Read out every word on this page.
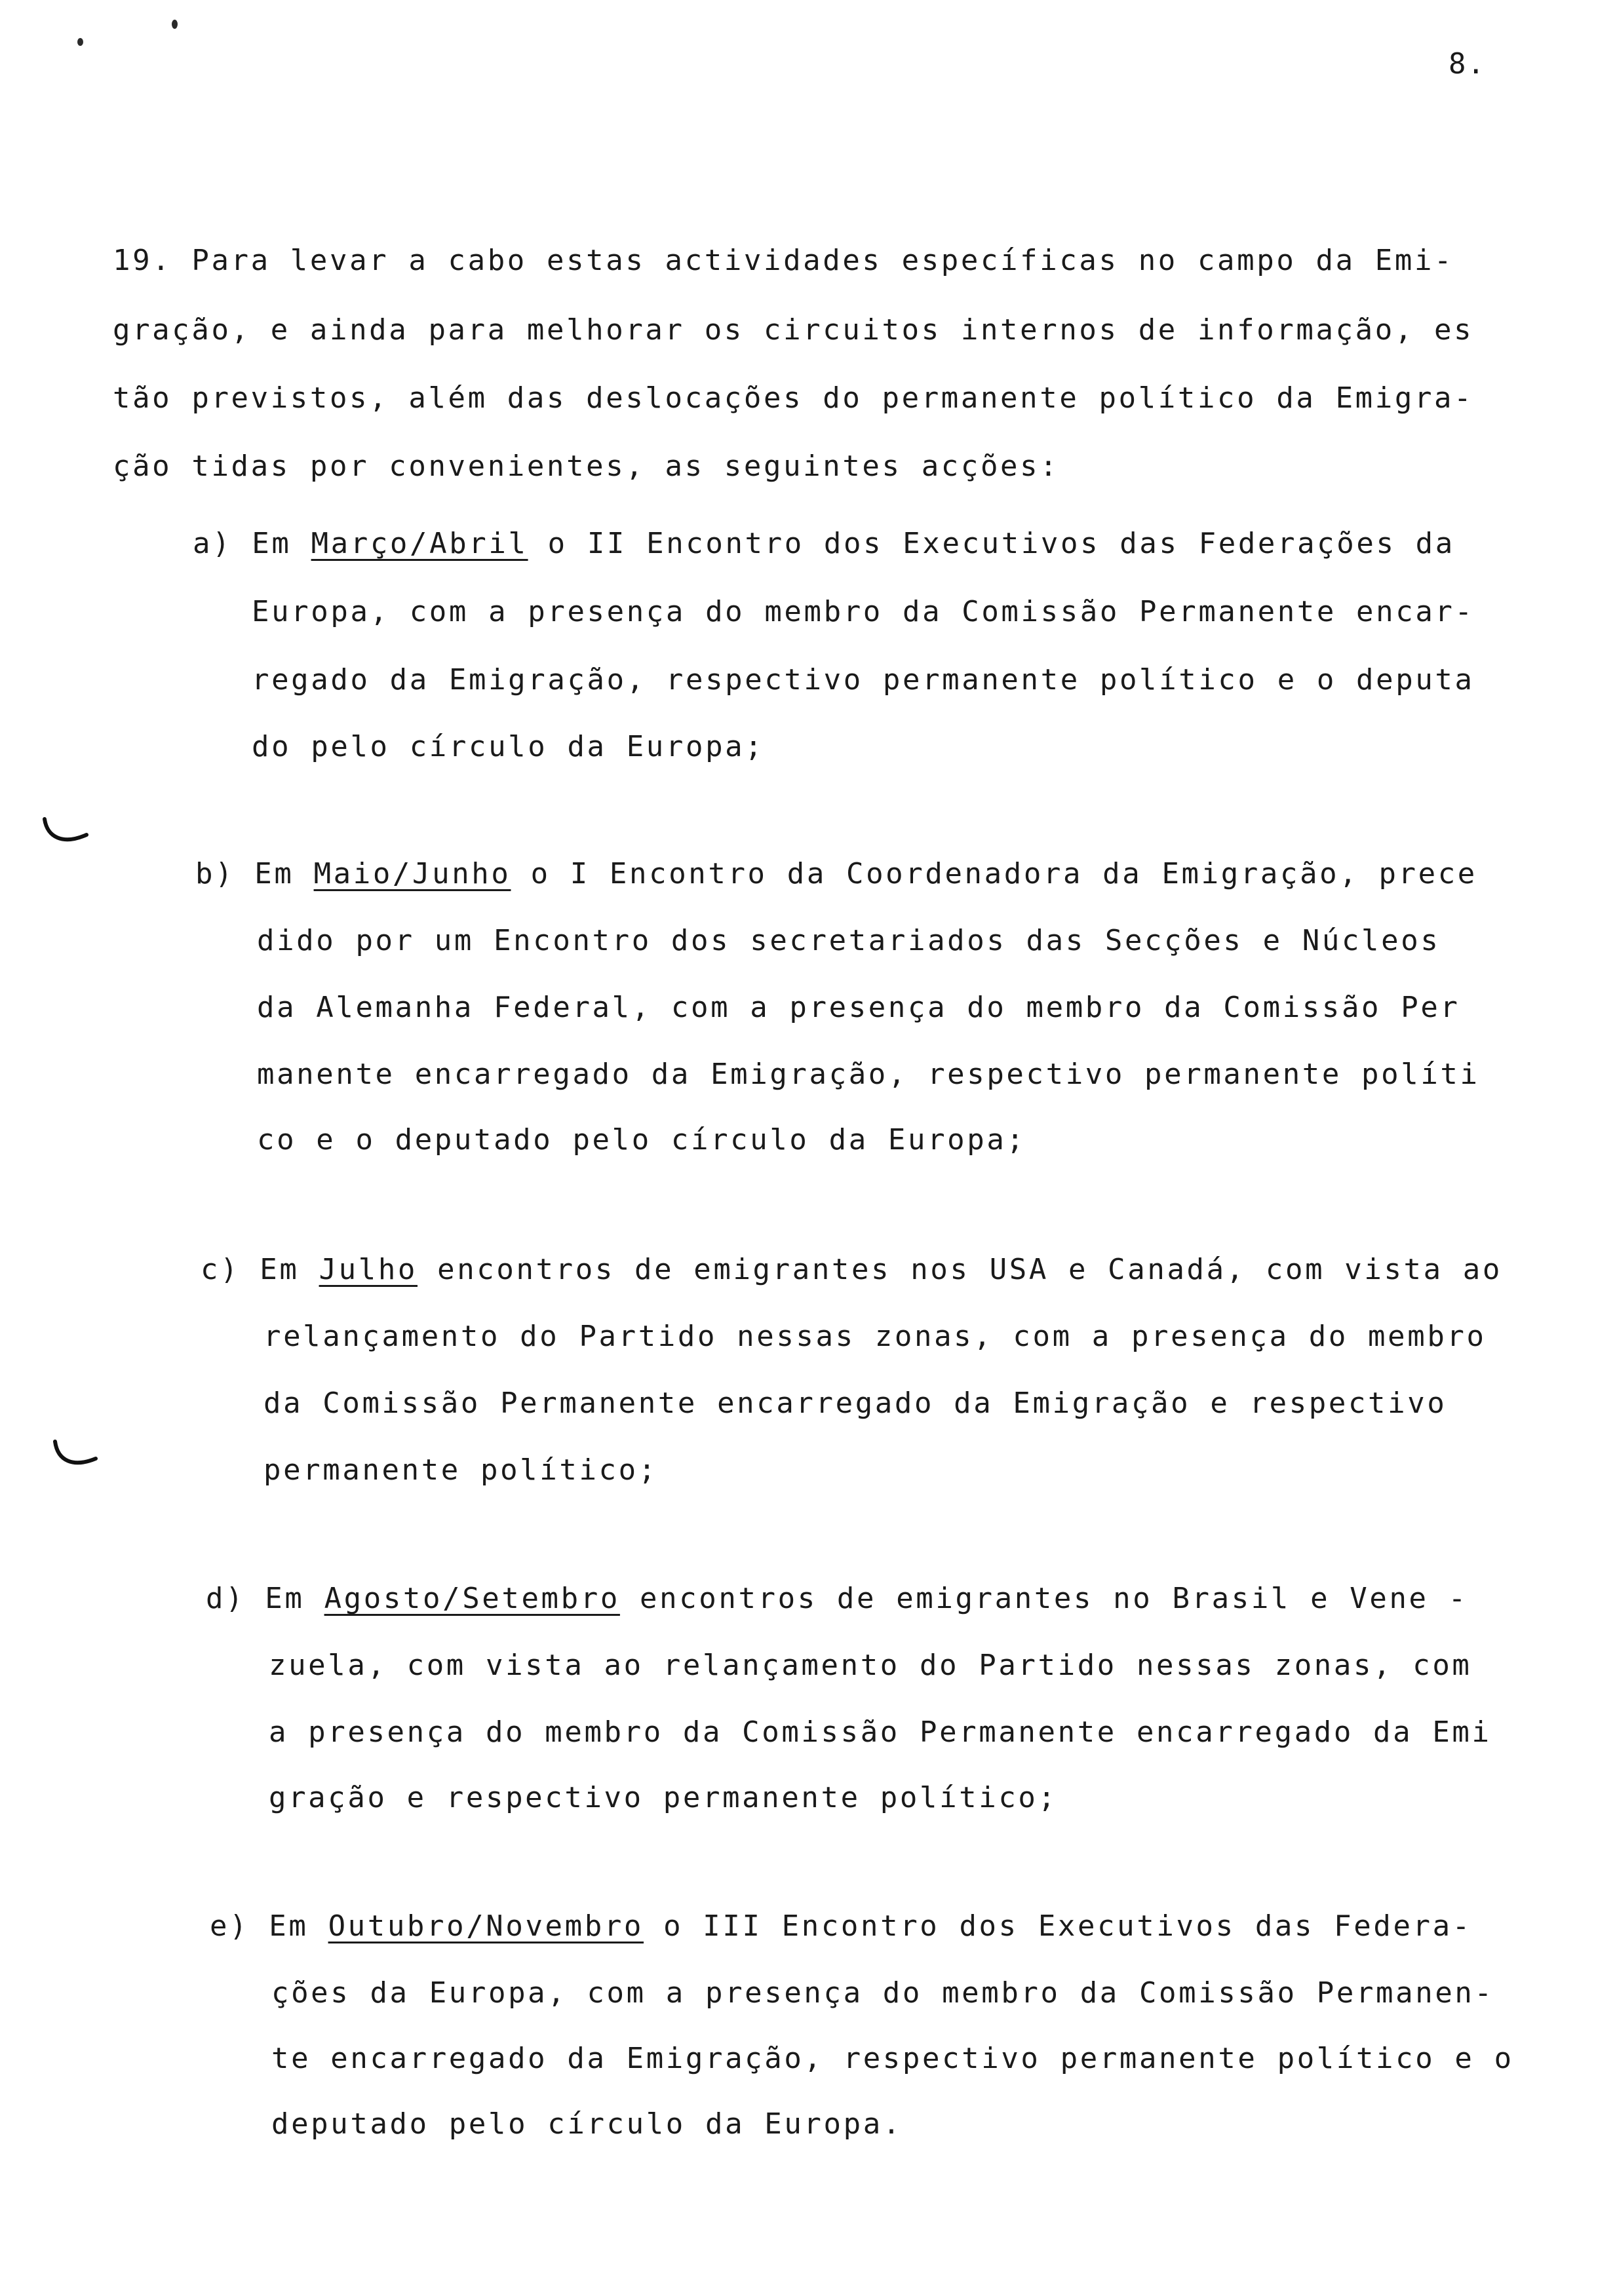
8.
19. Para levar a cabo estas actividades específicas no campo da Emi-
gração, e ainda para melhorar os circuitos internos de informação, es
tão previstos, além das deslocações do permanente político da Emigra-
ção tidas por convenientes, as seguintes acções:
a) Em Março/Abril o II Encontro dos Executivos das Federações da
Europa, com a presença do membro da Comissão Permanente encar-
regado da Emigração, respectivo permanente político e o deputa
do pelo círculo da Europa;
b) Em Maio/Junho o I Encontro da Coordenadora da Emigração, prece
dido por um Encontro dos secretariados das Secções e Núcleos
da Alemanha Federal, com a presença do membro da Comissão Per
manente encarregado da Emigração, respectivo permanente políti
co e o deputado pelo círculo da Europa;
c) Em Julho encontros de emigrantes nos USA e Canadá, com vista ao
relançamento do Partido nessas zonas, com a presença do membro
da Comissão Permanente encarregado da Emigração e respectivo
permanente político;
d) Em Agosto/Setembro encontros de emigrantes no Brasil e Vene -
zuela, com vista ao relançamento do Partido nessas zonas, com
a presença do membro da Comissão Permanente encarregado da Emi
gração e respectivo permanente político;
e) Em Outubro/Novembro o III Encontro dos Executivos das Federa-
ções da Europa, com a presença do membro da Comissão Permanen-
te encarregado da Emigração, respectivo permanente político e o
deputado pelo círculo da Europa.
